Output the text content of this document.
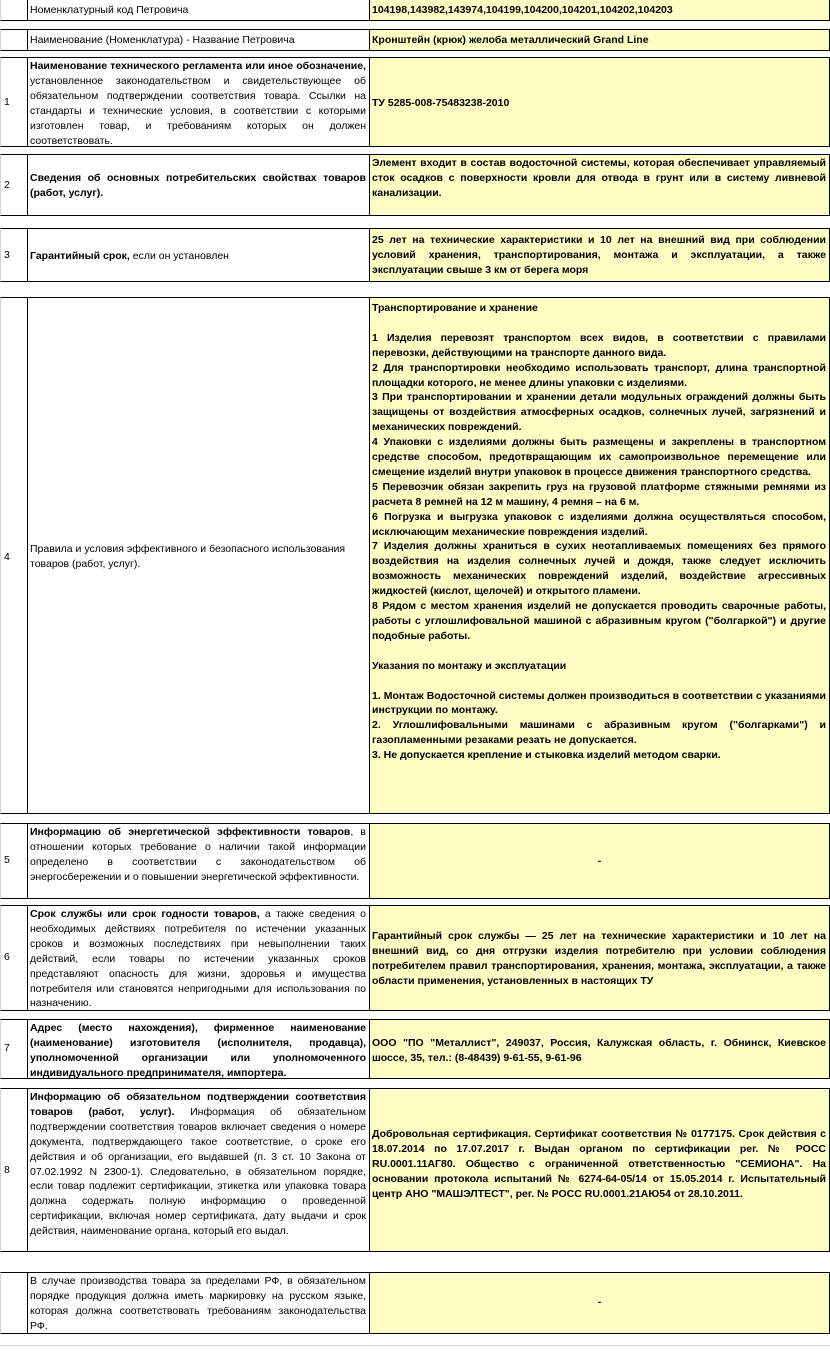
Номенклатурный код Петровича	104198,143982,143974,104199,104200,104201,104202,104203
Наименование (Номенклатура) - Название Петровича	Кронштейн (крюк) желоба металлический Grand Line
1
Наименование технического регламента или иное обозначение, установленное законодательством и свидетельствующее об обязательном подтверждении соответствия товара. Ссылки на стандарты и технические условия, в соответствии с которыми изготовлен товар, и требованиям которых он должен соответствовать.
ТУ 5285-008-75483238-2010
2
Сведения об основных потребительских свойствах товаров (работ, услуг).
Элемент входит в состав водосточной системы, которая обеспечивает управляемый сток осадков с поверхности кровли для отвода в грунт или в систему ливневой канализации.
3 Гарантийный срок, если он установлен
25 лет на технические характеристики и 10 лет на внешний вид при соблюдении условий хранения, транспортирования, монтажа и эксплуатации, а также эксплуатации свыше 3 км от берега моря
4
Правила и условия эффективного и безопасного использования товаров (работ, услуг).
Транспортирование и хранение
1 Изделия перевозят транспортом всех видов, в соответствии с правилами перевозки, действующими на транспорте данного вида.
2 Для транспортировки необходимо использовать транспорт, длина транспортной площадки которого, не менее длины упаковки с изделиями.
3 При транспортировании и хранении детали модульных ограждений должны быть защищены от воздействия атмосферных осадков, солнечных лучей, загрязнений и механических повреждений.
4 Упаковки с изделиями должны быть размещены и закреплены в транспортном средстве способом, предотвращающим их самопроизвольное перемещение или смещение изделий внутри упаковок в процессе движения транспортного средства.
5 Перевозчик обязан закрепить груз на грузовой платформе стяжными ремнями из расчета 8 ремней на 12 м машину, 4 ремня – на 6 м.
6 Погрузка и выгрузка упаковок с изделиями должна осуществляться способом, исключающим механические повреждения изделий.
7 Изделия должны храниться в сухих неотапливаемых помещениях без прямого воздействия на изделия солнечных лучей и дождя, также следует исключить возможность механических повреждений изделий, воздействие агрессивных жидкостей (кислот, щелочей) и открытого пламени.
8 Рядом с местом хранения изделий не допускается проводить сварочные работы, работы с углошлифовальной машиной с абразивным кругом ("болгаркой") и другие подобные работы.
Указания по монтажу и эксплуатации
1. Монтаж Водосточной системы должен производиться в соответствии с указаниями инструкции по монтажу.
2. Углошлифовальными машинами с абразивным кругом ("болгарками") и газопламенными резаками резать не допускается.
3. Не допускается крепление и стыковка изделий методом сварки.
5
Информацию об энергетической эффективности товаров, в отношении которых требование о наличии такой информации определено в соответствии с законодательством об энергосбережении и о повышении энергетической эффективности.
-
6
Срок службы или срок годности товаров, а также сведения о необходимых действиях потребителя по истечении указанных сроков и возможных последствиях при невыполнении таких действий, если товары по истечении указанных сроков представляют опасность для жизни, здоровья и имущества потребителя или становятся непригодными для использования по назначению.
Гарантийный срок службы — 25 лет на технические характеристики и 10 лет на внешний вид, со дня отгрузки изделия потребителю при условии соблюдения потребителем правил транспортирования, хранения, монтажа, эксплуатации, а также области применения, установленных в настоящих ТУ
7
Адрес (место нахождения), фирменное наименование (наименование) изготовителя (исполнителя, продавца), уполномоченной организации или уполномоченного индивидуального предпринимателя, импортера.
ООО "ПО "Металлист", 249037, Россия, Калужская область, г. Обнинск, Киевское шоссе, 35, тел.: (8-48439) 9-61-55, 9-61-96
8
Информацию об обязательном подтверждении соответствия товаров (работ, услуг). Информация об обязательном подтверждении соответствия товаров включает сведения о номере документа, подтверждающего такое соответствие, о сроке его действия и об организации, его выдавшей (п. 3 ст. 10 Закона от 07.02.1992 N 2300-1). Следовательно, в обязательном порядке, если товар подлежит сертификации, этикетка или упаковка товара должна содержать полную информацию о проведенной сертификации, включая номер сертификата, дату выдачи и срок действия, наименование органа, который его выдал.
Добровольная сертификация. Сертификат соответствия № 0177175. Срок действия с 18.07.2014 по 17.07.2017 г. Выдан органом по сертификации рег. № РОСС RU.0001.11АГ80. Общество с ограниченной ответственностью "СЕМИОНА". На основании протокола испытаний № 6274-64-05/14 от 15.05.2014 г. Испытательный центр АНО "МАШЭЛТЕСТ", рег. № РОСС RU.0001.21АЮ54 от 28.10.2011.
В случае производства товара за пределами РФ, в обязательном порядке продукция должна иметь маркировку на русском языке, которая должна соответствовать требованиям законодательства РФ.
-
